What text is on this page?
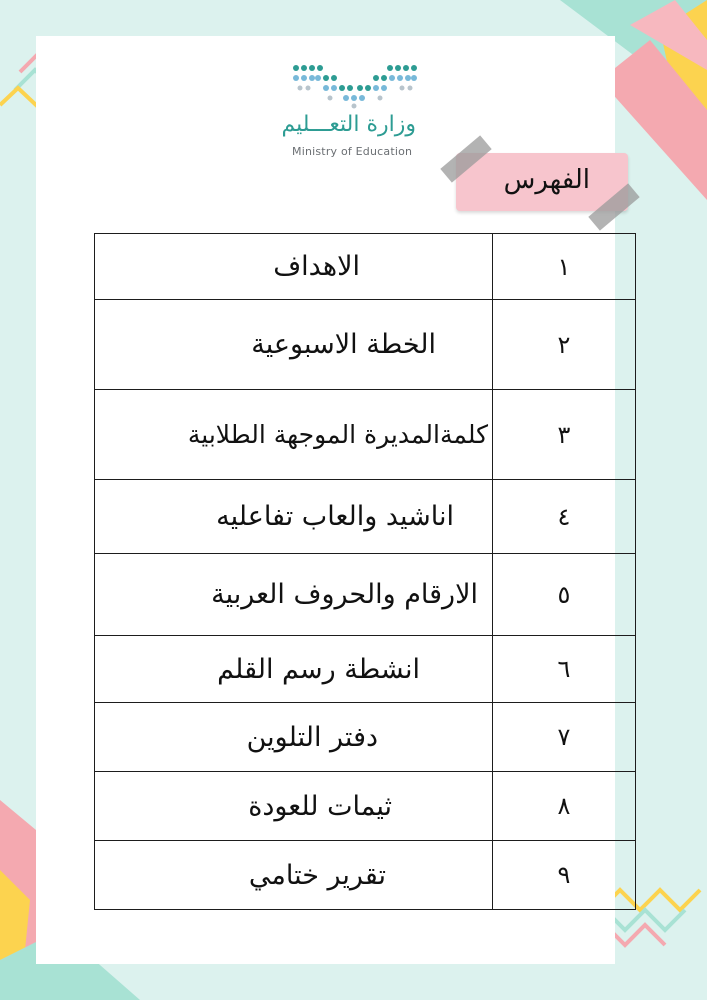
وزارة التعـــليم
Ministry of Education
الفهرس
١	الاهداف
٢	الخطة الاسبوعية
٣	كلمةالمديرة الموجهة الطلابية
٤	اناشيد والعاب تفاعليه
٥	الارقام والحروف العربية
٦	انشطة رسم القلم
٧	دفتر التلوين
٨	ثيمات للعودة
٩	تقرير ختامي
